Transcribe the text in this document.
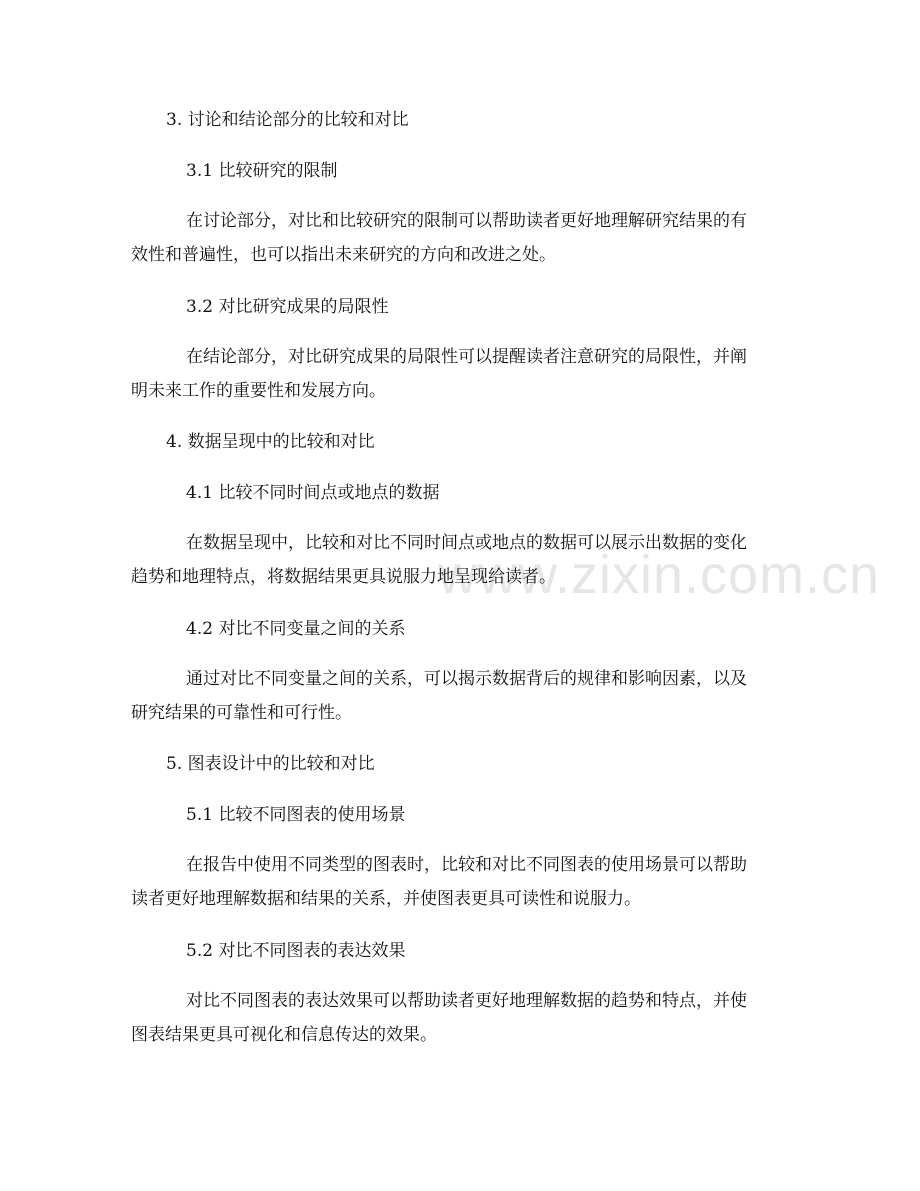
www.zixin.com.cn

3. 讨论和结论部分的比较和对比

3.1 比较研究的限制

在讨论部分，对比和比较研究的限制可以帮助读者更好地理解研究结果的有

效性和普遍性，也可以指出未来研究的方向和改进之处。

3.2 对比研究成果的局限性

在结论部分，对比研究成果的局限性可以提醒读者注意研究的局限性，并阐

明未来工作的重要性和发展方向。

4. 数据呈现中的比较和对比

4.1 比较不同时间点或地点的数据

在数据呈现中，比较和对比不同时间点或地点的数据可以展示出数据的变化

趋势和地理特点，将数据结果更具说服力地呈现给读者。

4.2 对比不同变量之间的关系

通过对比不同变量之间的关系，可以揭示数据背后的规律和影响因素，以及

研究结果的可靠性和可行性。

5. 图表设计中的比较和对比

5.1 比较不同图表的使用场景

在报告中使用不同类型的图表时，比较和对比不同图表的使用场景可以帮助

读者更好地理解数据和结果的关系，并使图表更具可读性和说服力。

5.2 对比不同图表的表达效果

对比不同图表的表达效果可以帮助读者更好地理解数据的趋势和特点，并使

图表结果更具可视化和信息传达的效果。
